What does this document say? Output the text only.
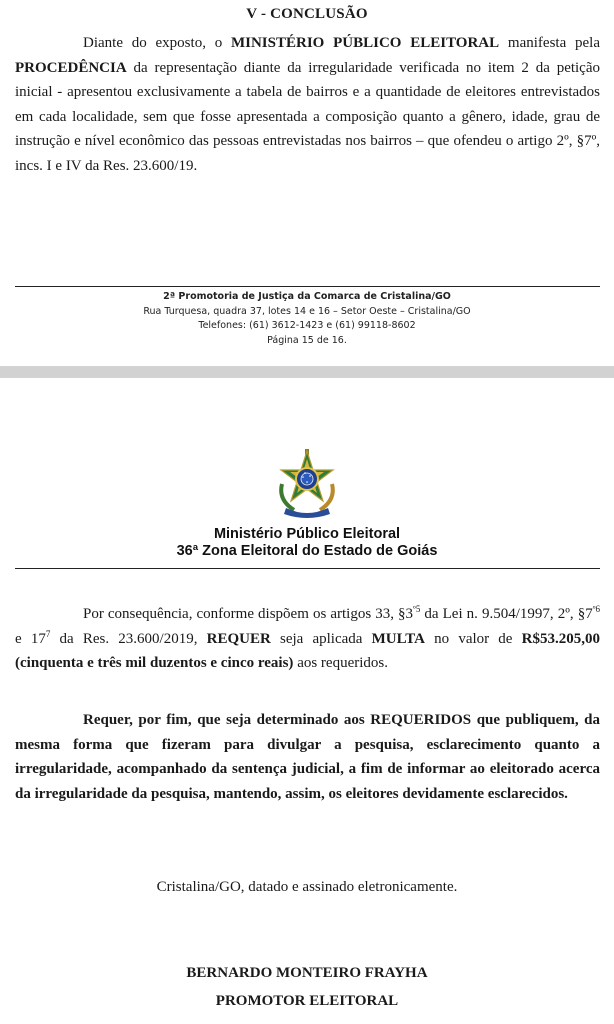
V - CONCLUSÃO

Diante do exposto, o MINISTÉRIO PÚBLICO ELEITORAL manifesta pela PROCEDÊNCIA da representação diante da irregularidade verificada no item 2 da petição inicial - apresentou exclusivamente a tabela de bairros e a quantidade de eleitores entrevistados em cada localidade, sem que fosse apresentada a composição quanto a gênero, idade, grau de instrução e nível econômico das pessoas entrevistadas nos bairros – que ofendeu o artigo 2º, §7º, incs. I e IV da Res. 23.600/19.

2ª Promotoria de Justiça da Comarca de Cristalina/GO
Rua Turquesa, quadra 37, lotes 14 e 16 – Setor Oeste – Cristalina/GO
Telefones: (61) 3612-1423 e (61) 99118-8602
Página 15 de 16.
Ministério Público Eleitoral
36ª Zona Eleitoral do Estado de Goiás

Por consequência, conforme dispõem os artigos 33, $\S 3^{º5}$ da Lei n. 9.504/1997, 2º, $\S 7^{º6}$ e $17^7$ da Res. 23.600/2019, REQUER seja aplicada MULTA no valor de R$53.205,00 (cinquenta e três mil duzentos e cinco reais) aos requeridos.

Requer, por fim, que seja determinado aos REQUERIDOS que publiquem, da mesma forma que fizeram para divulgar a pesquisa, esclarecimento quanto a irregularidade, acompanhado da sentença judicial, a fim de informar ao eleitorado acerca da irregularidade da pesquisa, mantendo, assim, os eleitores devidamente esclarecidos.

Cristalina/GO, datado e assinado eletronicamente.
BERNARDO MONTEIRO FRAYHA
PROMOTOR ELEITORAL
